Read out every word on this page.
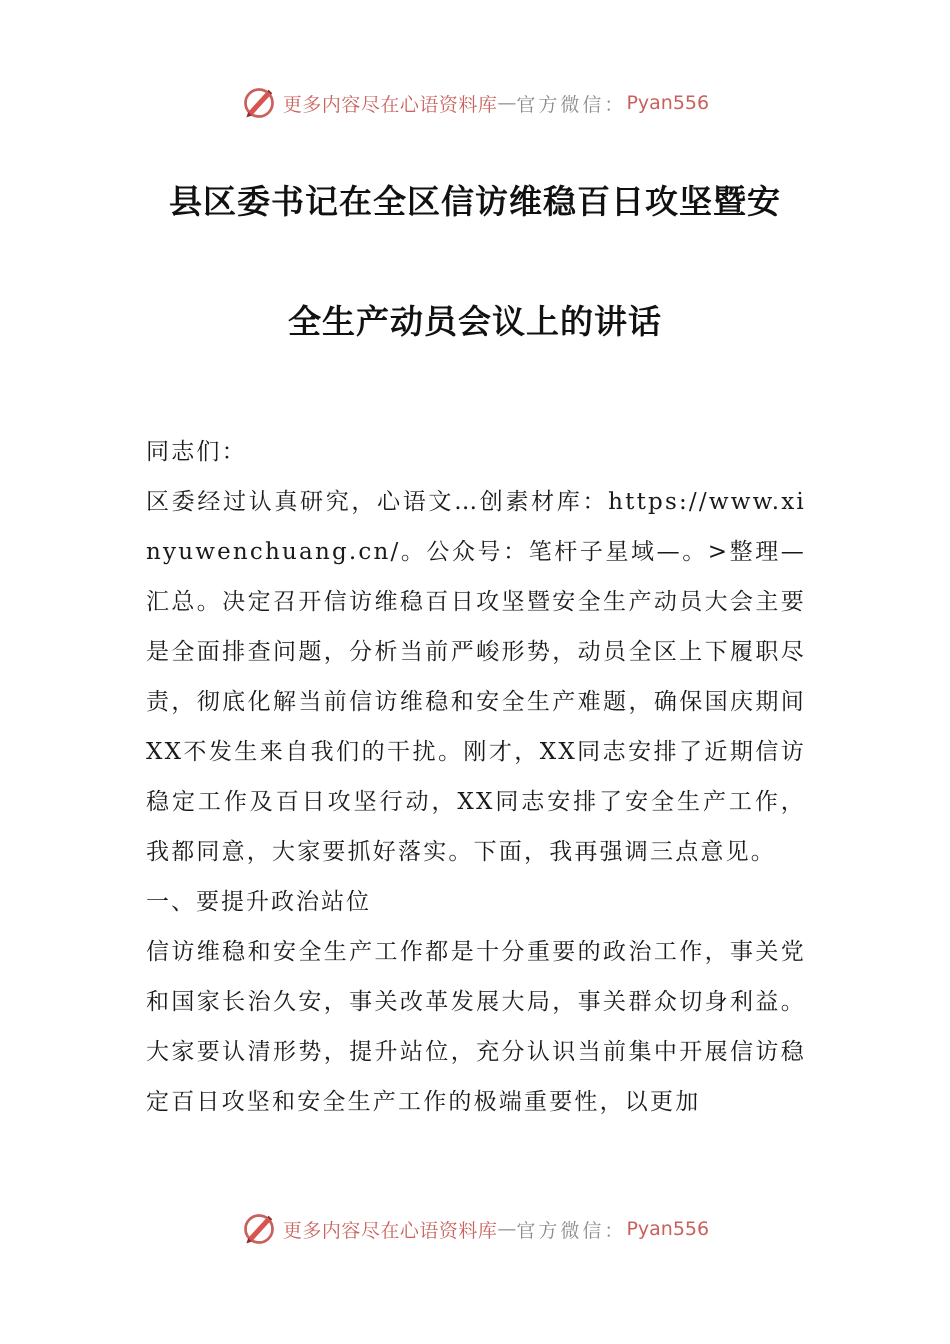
更多内容尽在心语资料库 — 官方微信： Pyan556
县区委书记在全区信访维稳百日攻坚暨安
全生产动员会议上的讲话

同志们：

区委经过认真研究，心语文…创素材库：https://www.xinyuwenchuang.cn/。公众号：笔杆子星域—。>整理—汇总。决定召开信访维稳百日攻坚暨安全生产动员大会主要是全面排查问题，分析当前严峻形势，动员全区上下履职尽责，彻底化解当前信访维稳和安全生产难题，确保国庆期间XX不发生来自我们的干扰。刚才，XX同志安排了近期信访稳定工作及百日攻坚行动，XX同志安排了安全生产工作，我都同意，大家要抓好落实。下面，我再强调三点意见。

一、要提升政治站位

信访维稳和安全生产工作都是十分重要的政治工作，事关党和国家长治久安，事关改革发展大局，事关群众切身利益。大家要认清形势，提升站位，充分认识当前集中开展信访稳定百日攻坚和安全生产工作的极端重要性，以更加

更多内容尽在心语资料库 — 官方微信： Pyan556
